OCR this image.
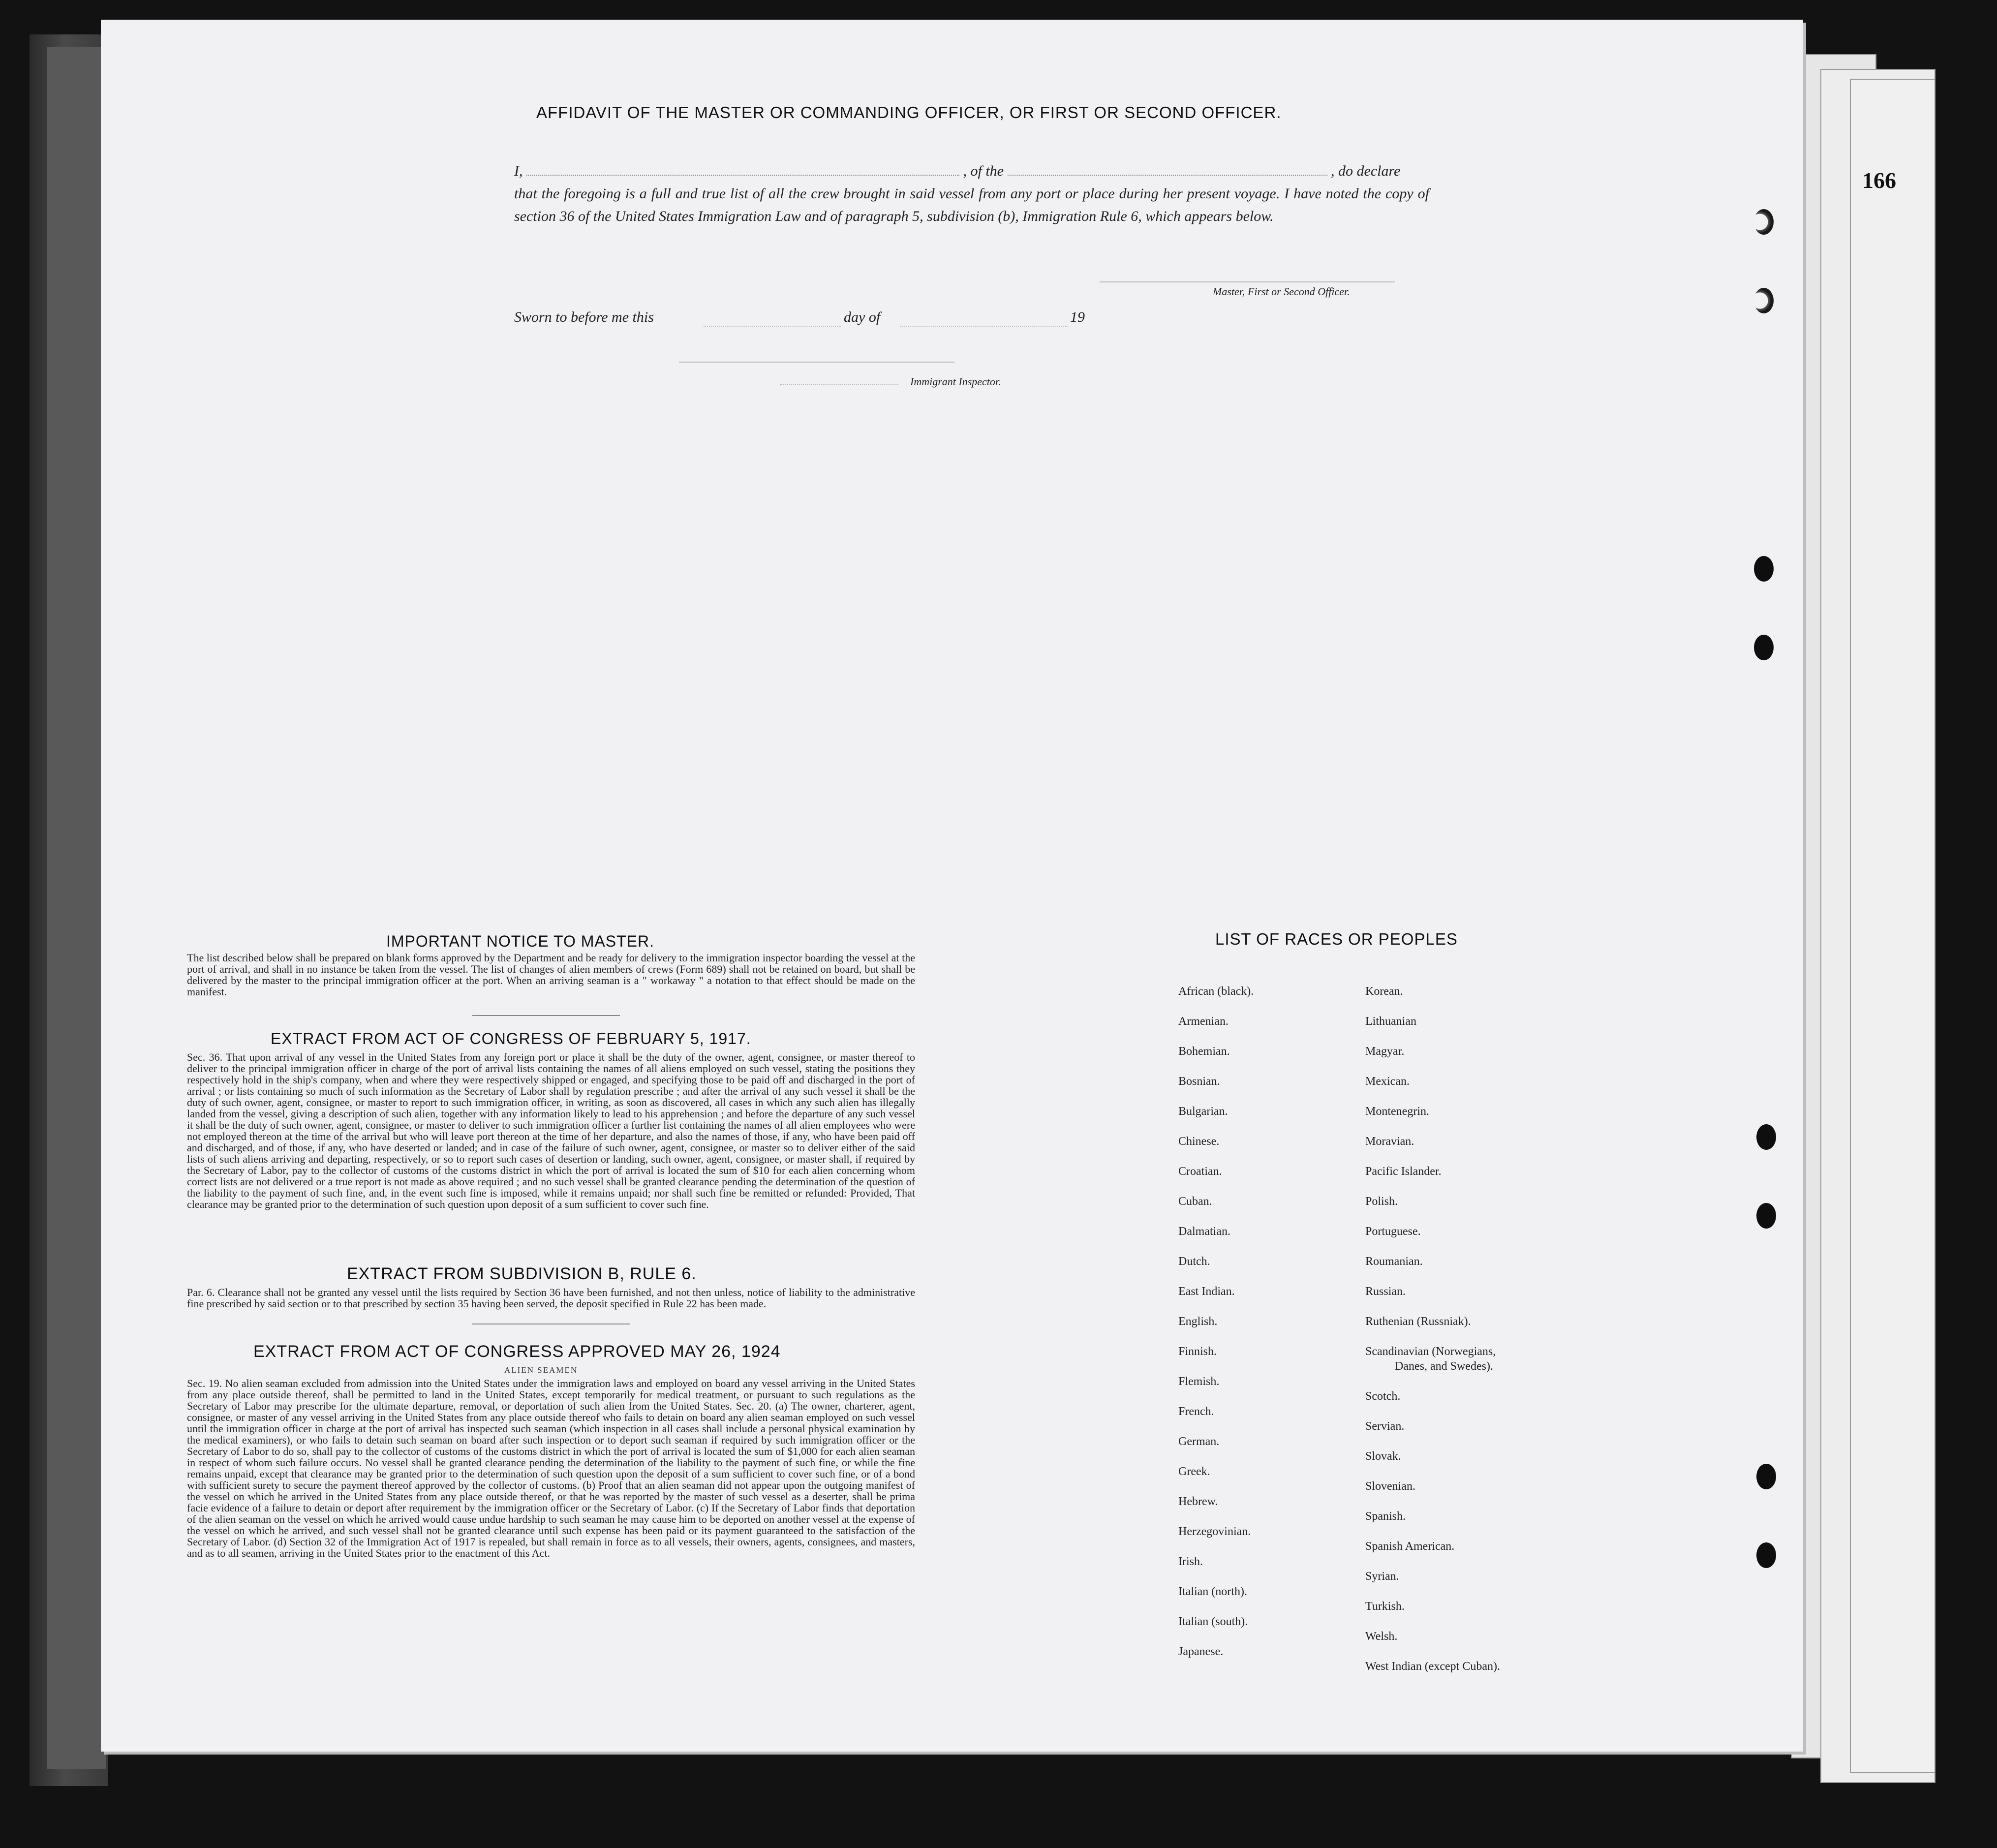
166
AFFIDAVIT OF THE MASTER OR COMMANDING OFFICER, OR FIRST OR SECOND OFFICER.
I,	, of the	, do declare
that the foregoing is a full and true list of all the crew brought in said vessel from any port or place during her present voyage. I have noted the copy of section 36 of the United States Immigration Law and of paragraph 5, subdivision (b), Immigration Rule 6, which appears below.
Master, First or Second Officer.
Sworn to before me this	day of	19
Immigrant Inspector.
IMPORTANT NOTICE TO MASTER.
The list described below shall be prepared on blank forms approved by the Department and be ready for delivery to the immigration inspector boarding the vessel at the port of arrival, and shall in no instance be taken from the vessel. The list of changes of alien members of crews (Form 689) shall not be retained on board, but shall be delivered by the master to the principal immigration officer at the port. When an arriving seaman is a " workaway " a notation to that effect should be made on the manifest.
EXTRACT FROM ACT OF CONGRESS OF FEBRUARY 5, 1917.
Sec. 36. That upon arrival of any vessel in the United States from any foreign port or place it shall be the duty of the owner, agent, consignee, or master thereof to deliver to the principal immigration officer in charge of the port of arrival lists containing the names of all aliens employed on such vessel, stating the positions they respectively hold in the ship's company, when and where they were respectively shipped or engaged, and specifying those to be paid off and discharged in the port of arrival ; or lists containing so much of such information as the Secretary of Labor shall by regulation prescribe ; and after the arrival of any such vessel it shall be the duty of such owner, agent, consignee, or master to report to such immigration officer, in writing, as soon as discovered, all cases in which any such alien has illegally landed from the vessel, giving a description of such alien, together with any information likely to lead to his apprehension ; and before the departure of any such vessel it shall be the duty of such owner, agent, consignee, or master to deliver to such immigration officer a further list containing the names of all alien employees who were not employed thereon at the time of the arrival but who will leave port thereon at the time of her departure, and also the names of those, if any, who have been paid off and discharged, and of those, if any, who have deserted or landed; and in case of the failure of such owner, agent, consignee, or master so to deliver either of the said lists of such aliens arriving and departing, respectively, or so to report such cases of desertion or landing, such owner, agent, consignee, or master shall, if required by the Secretary of Labor, pay to the collector of customs of the customs district in which the port of arrival is located the sum of $10 for each alien concerning whom correct lists are not delivered or a true report is not made as above required ; and no such vessel shall be granted clearance pending the determination of the question of the liability to the payment of such fine, and, in the event such fine is imposed, while it remains unpaid; nor shall such fine be remitted or refunded: Provided, That clearance may be granted prior to the determination of such question upon deposit of a sum sufficient to cover such fine.
EXTRACT FROM SUBDIVISION B, RULE 6.
Par. 6. Clearance shall not be granted any vessel until the lists required by Section 36 have been furnished, and not then unless, notice of liability to the administrative fine prescribed by said section or to that prescribed by section 35 having been served, the deposit specified in Rule 22 has been made.
EXTRACT FROM ACT OF CONGRESS APPROVED MAY 26, 1924
ALIEN SEAMEN
Sec. 19. No alien seaman excluded from admission into the United States under the immigration laws and employed on board any vessel arriving in the United States from any place outside thereof, shall be permitted to land in the United States, except temporarily for medical treatment, or pursuant to such regulations as the Secretary of Labor may prescribe for the ultimate departure, removal, or deportation of such alien from the United States. Sec. 20. (a) The owner, charterer, agent, consignee, or master of any vessel arriving in the United States from any place outside thereof who fails to detain on board any alien seaman employed on such vessel until the immigration officer in charge at the port of arrival has inspected such seaman (which inspection in all cases shall include a personal physical examination by the medical examiners), or who fails to detain such seaman on board after such inspection or to deport such seaman if required by such immigration officer or the Secretary of Labor to do so, shall pay to the collector of customs of the customs district in which the port of arrival is located the sum of $1,000 for each alien seaman in respect of whom such failure occurs. No vessel shall be granted clearance pending the determination of the liability to the payment of such fine, or while the fine remains unpaid, except that clearance may be granted prior to the determination of such question upon the deposit of a sum sufficient to cover such fine, or of a bond with sufficient surety to secure the payment thereof approved by the collector of customs. (b) Proof that an alien seaman did not appear upon the outgoing manifest of the vessel on which he arrived in the United States from any place outside thereof, or that he was reported by the master of such vessel as a deserter, shall be prima facie evidence of a failure to detain or deport after requirement by the immigration officer or the Secretary of Labor. (c) If the Secretary of Labor finds that deportation of the alien seaman on the vessel on which he arrived would cause undue hardship to such seaman he may cause him to be deported on another vessel at the expense of the vessel on which he arrived, and such vessel shall not be granted clearance until such expense has been paid or its payment guaranteed to the satisfaction of the Secretary of Labor. (d) Section 32 of the Immigration Act of 1917 is repealed, but shall remain in force as to all vessels, their owners, agents, consignees, and masters, and as to all seamen, arriving in the United States prior to the enactment of this Act.
LIST OF RACES OR PEOPLES
African (black).
Armenian.
Bohemian.
Bosnian.
Bulgarian.
Chinese.
Croatian.
Cuban.
Dalmatian.
Dutch.
East Indian.
English.
Finnish.
Flemish.
French.
German.
Greek.
Hebrew.
Herzegovinian.
Irish.
Italian (north).
Italian (south).
Japanese.
Korean.
Lithuanian
Magyar.
Mexican.
Montenegrin.
Moravian.
Pacific Islander.
Polish.
Portuguese.
Roumanian.
Russian.
Ruthenian (Russniak).
Scandinavian (Norwegians,
Danes, and Swedes).
Scotch.
Servian.
Slovak.
Slovenian.
Spanish.
Spanish American.
Syrian.
Turkish.
Welsh.
West Indian (except Cuban).
